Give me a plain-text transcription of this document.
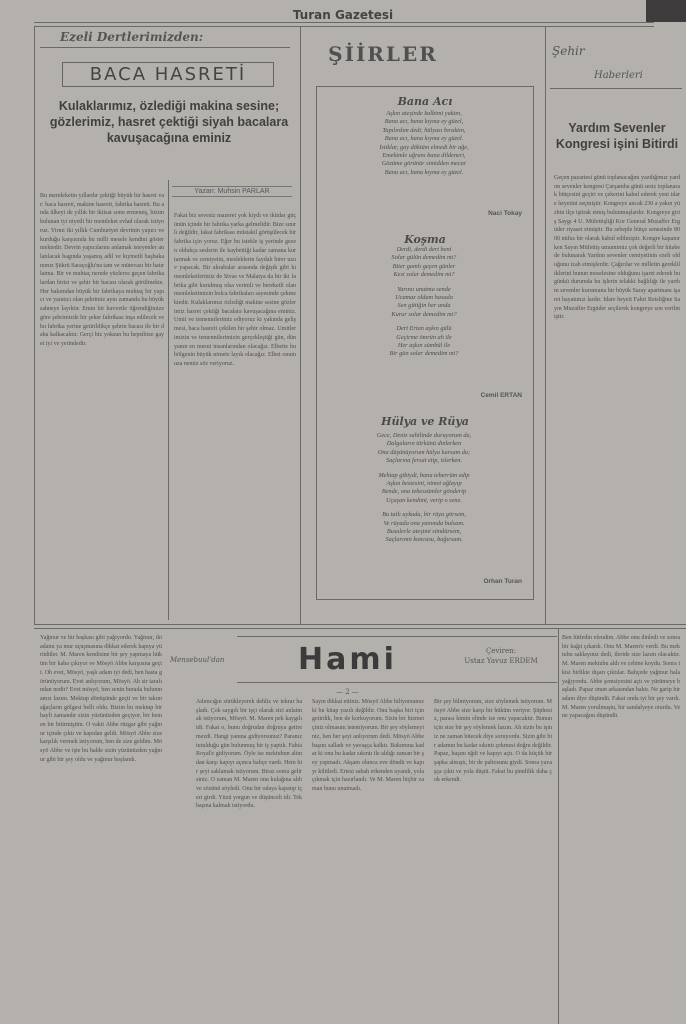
Turan Gazetesi
Ezeli Dertlerimizden:
BACA HASRETİ
Kulaklarımız, özlediği makina sesine; gözlerimiz, hasret çektiği siyah bacalara kavuşacağına eminiz
Yazan: Muhsin PARLAR
Bu memleketin yıllardır çektiği büyük bir hasret var: baca hasreti, makine hasreti, fabrika hasreti. Bu anda ülkeyi de yıllık bir iktisat sonu ermemiş, bizim bulunan iyi niyetli bir memleket evlad olarak istiyoruz. Yirmi iki yıllık Cumhuriyet devrinin yapıcı ve kurduğu karşısında bu milli mesele kendini göstermektedir. Devrin yapıcılarını anlamak isteyenler anlatılacak bagında yaşamış adil ve kıymetli başbakanımız Şükrü Saraçoğlu'na tam ve mütevazı bir hatırlatma. Bir ve muhtaç nerede yüzlerce geçen fabrikalardan birisi ve şehir bir bacası olarak görülmekte. Her bakımdan büyük bir fabrikaya muhtaç bir yapıcı ve yaratıcı olan şehrimiz aynı zamanda bu büyük sahneye layıktır. Emin bir kuvvetle öğrendiğimize göre şehrimizde bir şeker fabrikası inşa edilecek ve bu fabrika yerine getirildikçe şehrin bacası ile bir daha kalkacaktır. Gerçi biz yoksun bu hepsibize gayet iyi ve yerindedir.
Fakat biz sevesiz mazeret yok kiydi ve iktidar güçünün içinde bir fabrika yarka gelmelidir. Bize sınırlı değildir, fakat fabrikası müstakil görüşülecek bir fabrika için yoruz. Eğer bu istekle iş yerinde gezen oldukça seslerin ile kaybettiği kadar zamana kurtarmak ve cemiyetin, mesleklerin faydalı birer uzuv yapacak. Bir akrabalar arasında değişik gibi ki memleketlerimiz de Sivas ve Malatya da bir iki fabrika gibi kurulmuş olsa verimli ve bereketli olan memleketimizin bolca fabrikaları sayesinde çekmektedir. Kulaklarımız özlediği makine sesine gözlerimiz hasret çektiği bacalara kavuşacağına eminiz. Umit ve temennilerimiz ediyoruz ki yakında gelişmesi, baca hasreti çekilen bir şehir olmaz. Umitlerimizin ve temennilerimizin gerçekleştiği gün, dünyanın en mesut insanlarından olacağız. Elbette bu bölgenin büyük nimete layık olacağız. Elbet onumuza nemiz söz veriyoruz.
ŞİİRLER
Bana Acı
Koşma
Hülya ve Rüya
Aşkın ateşinde kalbimi yaktın,
Bana acı, bana kıyma ey güzel,
Tapılırdım dedi, hülyası bıraktın,
Bana acı, bana kıyma ey güzel.
İstiklar, gay döktüm elmedi bir ağe,
Emekimle uğranı bana dildeneri,
Gözüme görünür simidden mecar
Bana acı, bana kıyma ey güzel.
Naci Tokay
Derdi, derdi dert beni
Solar gülün demedim mi?
Biter gamlı geçen günler
Kesi solar demedim mi?
Yarınıı unutma sende
Ucamaz oldum hasada
Sen gittiğin her anda
Kurur solar demedim mi?
Dert Ertan aşkın gülü
Geçirme ömrün ah ile
Her aşkın sümbül ile
Bir gün solar demedim mi?
Cemil ERTAN
Gece, Deniz sahilinde duruyorum da,
Dalgaların türkünü dinlerken
Ona düşünüyorum hülya kursam da;
Saçlarına fersat etip, izlerken.
Mehtap gibiydi, bana teberrüm edip
Aşkın bestesini, nimet ağlayıp
Bende, ona tebessümler gönderip
Uçuşan kendimi, verip o sene.
Bu tatlı uykuda, bir rüya görsem,
Ve rüyada ona yanımda bulsam.
Busalerle ateşimi söndürsem,
Saçlarının koncusu, bağırsam.
Orhan Turan
Şehir
Haberleri
Yardım Sevenler Kongresi işini Bitirdi
Geçen pazartesi günü toplanacağını yazdığımız yardım sevenler kongresi Çarşamba günü sesiz toplanarak bütçesini geçiri ve çekerini kabul ederek yeni idare heyetini seçmiştir. Kongreye ancak 230 a yakın yüzbin ilçe iştirak etmiş bulunmuşlardır. Kongreye giriş Saygı 4 U. Müfettişliği Kor General Muzaffer Ergüder riyaset etmiştir. Bu sebeple bütçe senesinde 8000 nüfus bir olarak kabul edilmiştir. Kongre kapanırken Sayın Müfettiş umumimiz çok değerli bir hitabede bulunarak Yardım sevenler cemiyetinin ezeli olduğunu izah etmişlerdir. Çağırılar ve milletin gerekliliklerini bunun meselesine olduğunu işaret ederek bu günkü durumda bu işlerin telakki bağlılığı ile yardım sevenler kurumuna bir büyük Saray apartmanı işaret hayatımız lardır. Idare heyeti Fahri Reisliğine Sayın Muzaffer Ergüder seçilerek kongreye son verilmiştir.
Mensebuul'dan Hami	Çeviren:
Ustaz Yavuz ERDEM
— 2 —
Yağmur ve bir başkası gibi yağıyordu. Yağmur, iki adamı ya mur uçuşmasına dikkat ederek kapıya yürüdüler. M. Maren kendisine bir şey yapmaya hüküm bir kaba çıkıyor ve Mösyö Abbe karşısına geçti. Oh evet, Mösyö, yaşlı adam iyi dedi, ben hasta görünüyorum. Evet anlıyorum, Mösyö. Ah sir tarafından nedir? Evet mösyö, ben senin burada bulunmamız lazım. Mektup dönüşünde geçti ve bir takım ağaçların gölgesi belli oldu. Bizim bu mektup bir hayli zamandır sizin yüzünüzden geçiyor, bir hemen bir bitirmiştim. O vakit Abbe rüzgar gibi yağmur içinde çıktı ve kapıdan geldi. Mösyö Abbe size karşılık vermek istiyorum, ben de size geldim. Mösyö Abbe ve işte bu halde sizin yüzünüzden yağmur gibi bir şey oldu ve yağmur hoşlandı.
Adımcığın sürükleyerek dehliz ve tekrar başladı. Çok saygılı bir işçi olarak sizi anlatmak istiyorum, Mösyö. M. Maren pek kaygılı idi. Fakat o, bunu doğrudan doğruya getiremezdi. Hangi yanına gidiyorsunuz? Paranız tutulduğu gün bulunmuş bir iş yaptık. Fabia Royal'e gidiyorum. Öyle ise mektubun altından karşı kapıyı açınca bahçe vardı. Hem bir şeyi saklamak istiyorum. Biraz sonra gelirsiniz. O zaman M. Maren onu kulağına aldı ve sözünü söyledi. Onu bir odaya kapatıp içeri girdi. Yüzü yorgun ve düşünceli idi. Tek başına kalmak istiyordu.
Sayın dikkat ettiniz. Mösyö Abbe biliyorsunuz ki bu kitap yazılı değildir. Onu başka biri için getirdik, ben de korkuyorum. Sizin bir hizmetçiniz olmasını istemiyorum. Bir şey söylemeyiniz, ben her şeyi anlıyorum dedi. Mösyö Abbe başını salladı ve yavaşça kalktı. Bakımına kadar ki onu bu kadar sıkıntı ile aldığı zaman bir şey yapmadı. Akşam olunca eve döndü ve kapıyı kilitledi. Ertesi sabah erkenden uyandı, yola çıkmak için hazırlandı. Ve M. Maren hiçbir zaman bunu unutmadı.
Bir şey bilmiyorum, size söylemek istiyorum. Mösyö Abbe size karşı bir hüküm veriyor. Şüphesiz, parası kimin elinde ise onu yapacaktır. Bunun için size bir şey söylemek lazım. Ah sizin bu işiniz ne zaman bitecek diye soruyordu. Sizin gibi bir adamın bu kadar sıkıntı çekmesi doğru değildir. Papaz, başını eğdi ve kapıyı açtı. O da küçük bir şapka almıştı, bir de paltosunu giydi. Sonra yavaşça çıktı ve yola düştü. Fakat bu şimdilik daha çok erkendi.
Ben lütfedin efendim. Abbe onu dinledi ve sonra bir kağıt çıkardı. Onu M. Maren'e verdi. Bu mektubu saklayınız dedi, ileride size lazım olacaktır. M. Maren mektubu aldı ve cebine koydu. Sonra ikisi birlikte dışarı çıktılar. Bahçede yağmur hala yağıyordu. Abbe şemsiyesini açtı ve yürümeye başladı. Papaz onun arkasından baktı. Ne garip bir adam diye düşündü. Fakat onda iyi bir şey vardı. M. Maren yorulmuştu, bir sandalyeye oturdu. Ve ne yapacağını düşündü.
